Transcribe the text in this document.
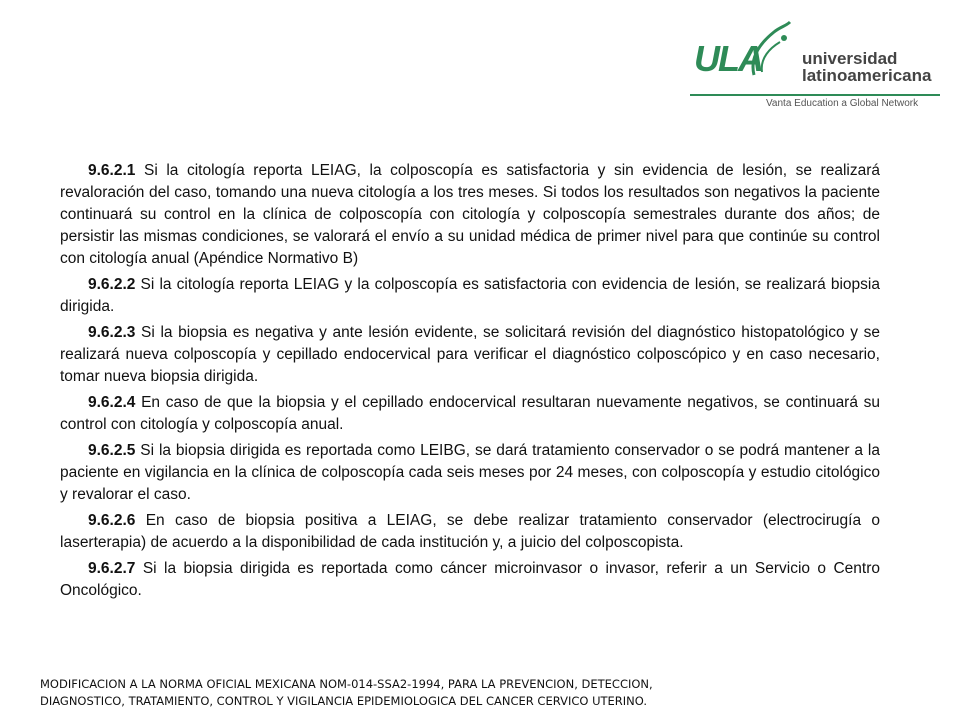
ULA universidad
latinoamericana
Vanta Education a Global Network

9.6.2.1 Si la citología reporta LEIAG, la colposcopía es satisfactoria y sin evidencia de lesión, se realizará revaloración del caso, tomando una nueva citología a los tres meses. Si todos los resultados son negativos la paciente continuará su control en la clínica de colposcopía con citología y colposcopía semestrales durante dos años; de persistir las mismas condiciones, se valorará el envío a su unidad médica de primer nivel para que continúe su control con citología anual (Apéndice Normativo B)

9.6.2.2 Si la citología reporta LEIAG y la colposcopía es satisfactoria con evidencia de lesión, se realizará biopsia dirigida.

9.6.2.3 Si la biopsia es negativa y ante lesión evidente, se solicitará revisión del diagnóstico histopatológico y se realizará nueva colposcopía y cepillado endocervical para verificar el diagnóstico colposcópico y en caso necesario, tomar nueva biopsia dirigida.

9.6.2.4 En caso de que la biopsia y el cepillado endocervical resultaran nuevamente negativos, se continuará su control con citología y colposcopía anual.

9.6.2.5 Si la biopsia dirigida es reportada como LEIBG, se dará tratamiento conservador o se podrá mantener a la paciente en vigilancia en la clínica de colposcopía cada seis meses por 24 meses, con colposcopía y estudio citológico y revalorar el caso.

9.6.2.6 En caso de biopsia positiva a LEIAG, se debe realizar tratamiento conservador (electrocirugía o laserterapia) de acuerdo a la disponibilidad de cada institución y, a juicio del colposcopista.

9.6.2.7 Si la biopsia dirigida es reportada como cáncer microinvasor o invasor, referir a un Servicio o Centro Oncológico.

MODIFICACION A LA NORMA OFICIAL MEXICANA NOM-014-SSA2-1994, PARA LA PREVENCION, DETECCION,
DIAGNOSTICO, TRATAMIENTO, CONTROL Y VIGILANCIA EPIDEMIOLOGICA DEL CANCER CERVICO UTERINO.
